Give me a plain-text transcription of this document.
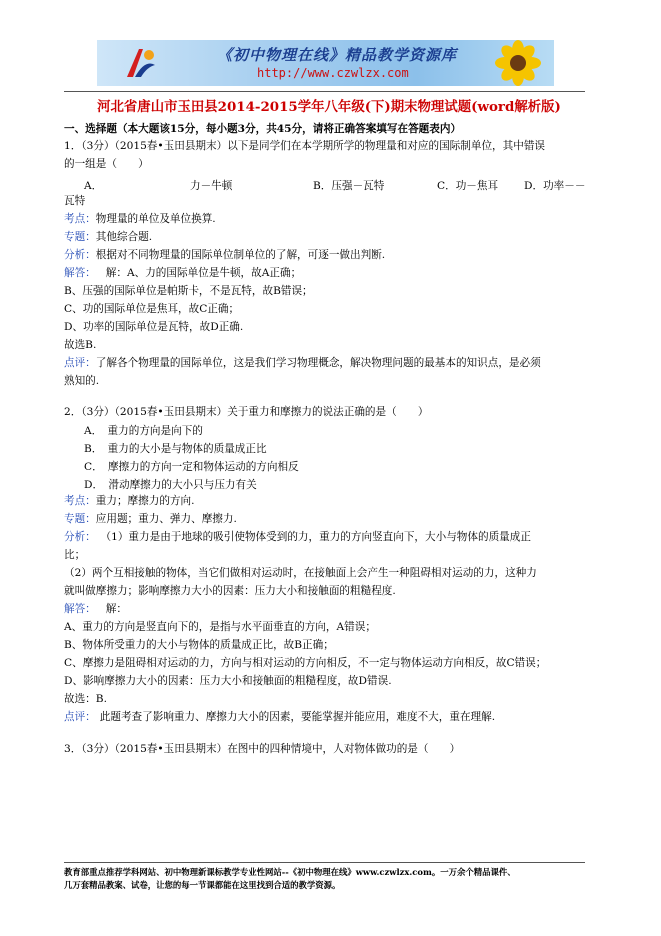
《初中物理在线》精品教学资源库
http://www.czwlzx.com
河北省唐山市玉田县2014-2015学年八年级(下)期末物理试题(word解析版)
一、选择题（本大题该15分，每小题3分，共45分，请将正确答案填写在答题表内）
1．（3分）（2015春•玉田县期末）以下是同学们在本学期所学的物理量和对应的国际制单位，其中错误
的一组是（　　）
A．	力－牛顿	B．压强－瓦特	C．功－焦耳 D．功率－－
瓦特
考点：物理量的单位及单位换算.
专题：其他综合题.
分析：根据对不同物理量的国际单位制单位的了解，可逐一做出判断.
解答： 解：A、力的国际单位是牛顿，故A正确；
B、压强的国际单位是帕斯卡，不是瓦特，故B错误；
C、功的国际单位是焦耳，故C正确；
D、功率的国际单位是瓦特，故D正确.
故选B.
点评：了解各个物理量的国际单位，这是我们学习物理概念，解决物理问题的最基本的知识点，是必须
熟知的.
2．（3分）（2015春•玉田县期末）关于重力和摩擦力的说法正确的是（　　）
A．　重力的方向是向下的
B．　重力的大小是与物体的质量成正比
C．　摩擦力的方向一定和物体运动的方向相反
D．　滑动摩擦力的大小只与压力有关
考点：重力；摩擦力的方向.
专题：应用题；重力、弹力、摩擦力.
分析： （1）重力是由于地球的吸引使物体受到的力，重力的方向竖直向下，大小与物体的质量成正
比；
（2）两个互相接触的物体，当它们做相对运动时，在接触面上会产生一种阻碍相对运动的力，这种力
就叫做摩擦力；影响摩擦力大小的因素：压力大小和接触面的粗糙程度.
解答： 解：
A、重力的方向是竖直向下的，是指与水平面垂直的方向，A错误；
B、物体所受重力的大小与物体的质量成正比，故B正确；
C、摩擦力是阻碍相对运动的力，方向与相对运动的方向相反，不一定与物体运动方向相反，故C错误；
D、影响摩擦力大小的因素：压力大小和接触面的粗糙程度，故D错误.
故选：B.
点评： 此题考查了影响重力、摩擦力大小的因素，要能掌握并能应用，难度不大，重在理解.
3．（3分）（2015春•玉田县期末）在图中的四种情境中，人对物体做功的是（　　）
教育部重点推荐学科网站、初中物理新课标教学专业性网站--《初中物理在线》www.czwlzx.com。一万余个精品课件、
几万套精品教案、试卷，让您的每一节课都能在这里找到合适的教学资源。
